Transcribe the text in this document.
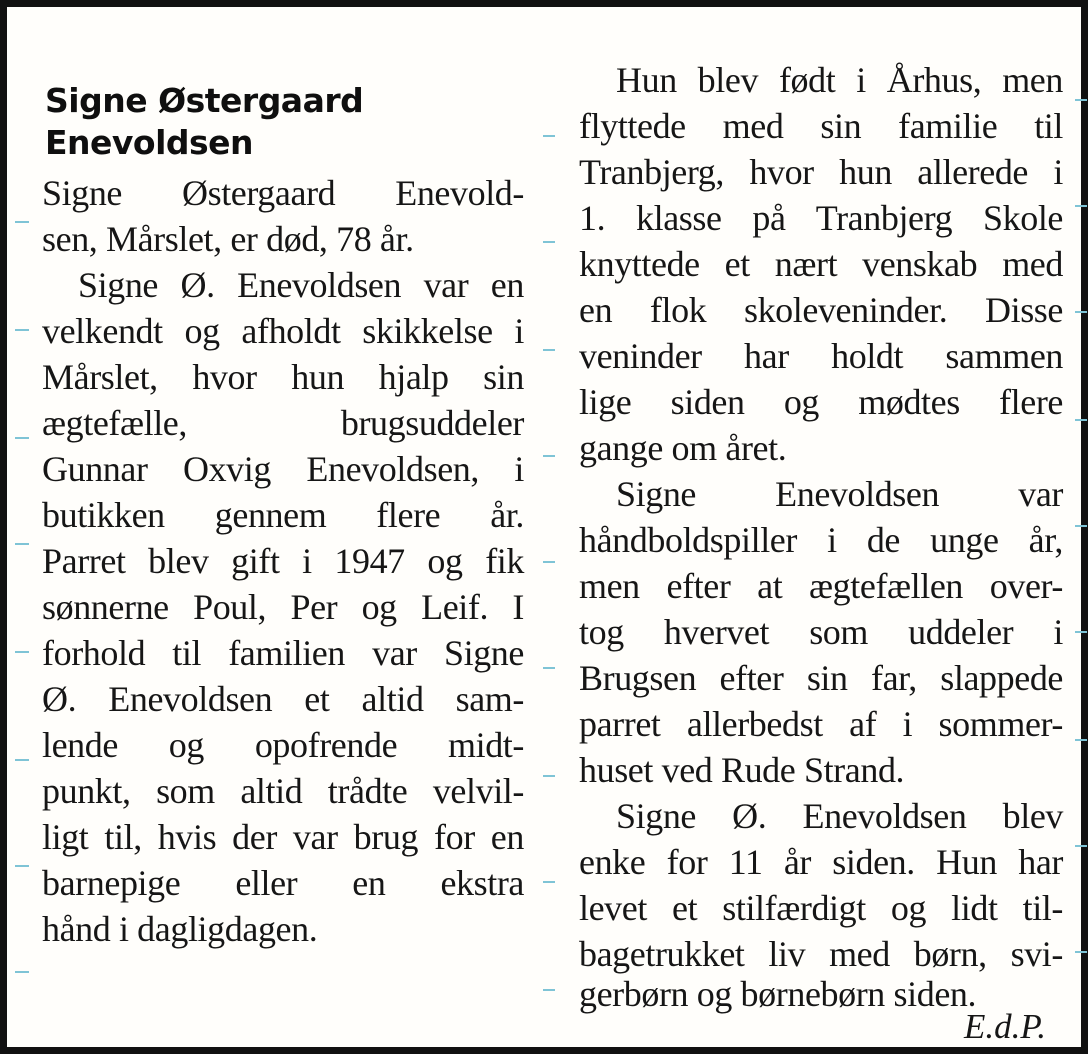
Signe Østergaard
Enevoldsen
Signe Østergaard Enevold-
sen, Mårslet, er død, 78 år.
Signe Ø. Enevoldsen var en
velkendt og afholdt skikkelse i
Mårslet, hvor hun hjalp sin
ægtefælle, brugsuddeler
Gunnar Oxvig Enevoldsen, i
butikken gennem flere år.
Parret blev gift i 1947 og fik
sønnerne Poul, Per og Leif. I
forhold til familien var Signe
Ø. Enevoldsen et altid sam-
lende og opofrende midt-
punkt, som altid trådte velvil-
ligt til, hvis der var brug for en
barnepige eller en ekstra
hånd i dagligdagen.
Hun blev født i Århus, men
flyttede med sin familie til
Tranbjerg, hvor hun allerede i
1. klasse på Tranbjerg Skole
knyttede et nært venskab med
en flok skoleveninder. Disse
veninder har holdt sammen
lige siden og mødtes flere
gange om året.
Signe Enevoldsen var
håndboldspiller i de unge år,
men efter at ægtefællen over-
tog hvervet som uddeler i
Brugsen efter sin far, slappede
parret allerbedst af i sommer-
huset ved Rude Strand.
Signe Ø. Enevoldsen blev
enke for 11 år siden. Hun har
levet et stilfærdigt og lidt til-
bagetrukket liv med børn, svi-
gerbørn og børnebørn siden.
E.d.P.
